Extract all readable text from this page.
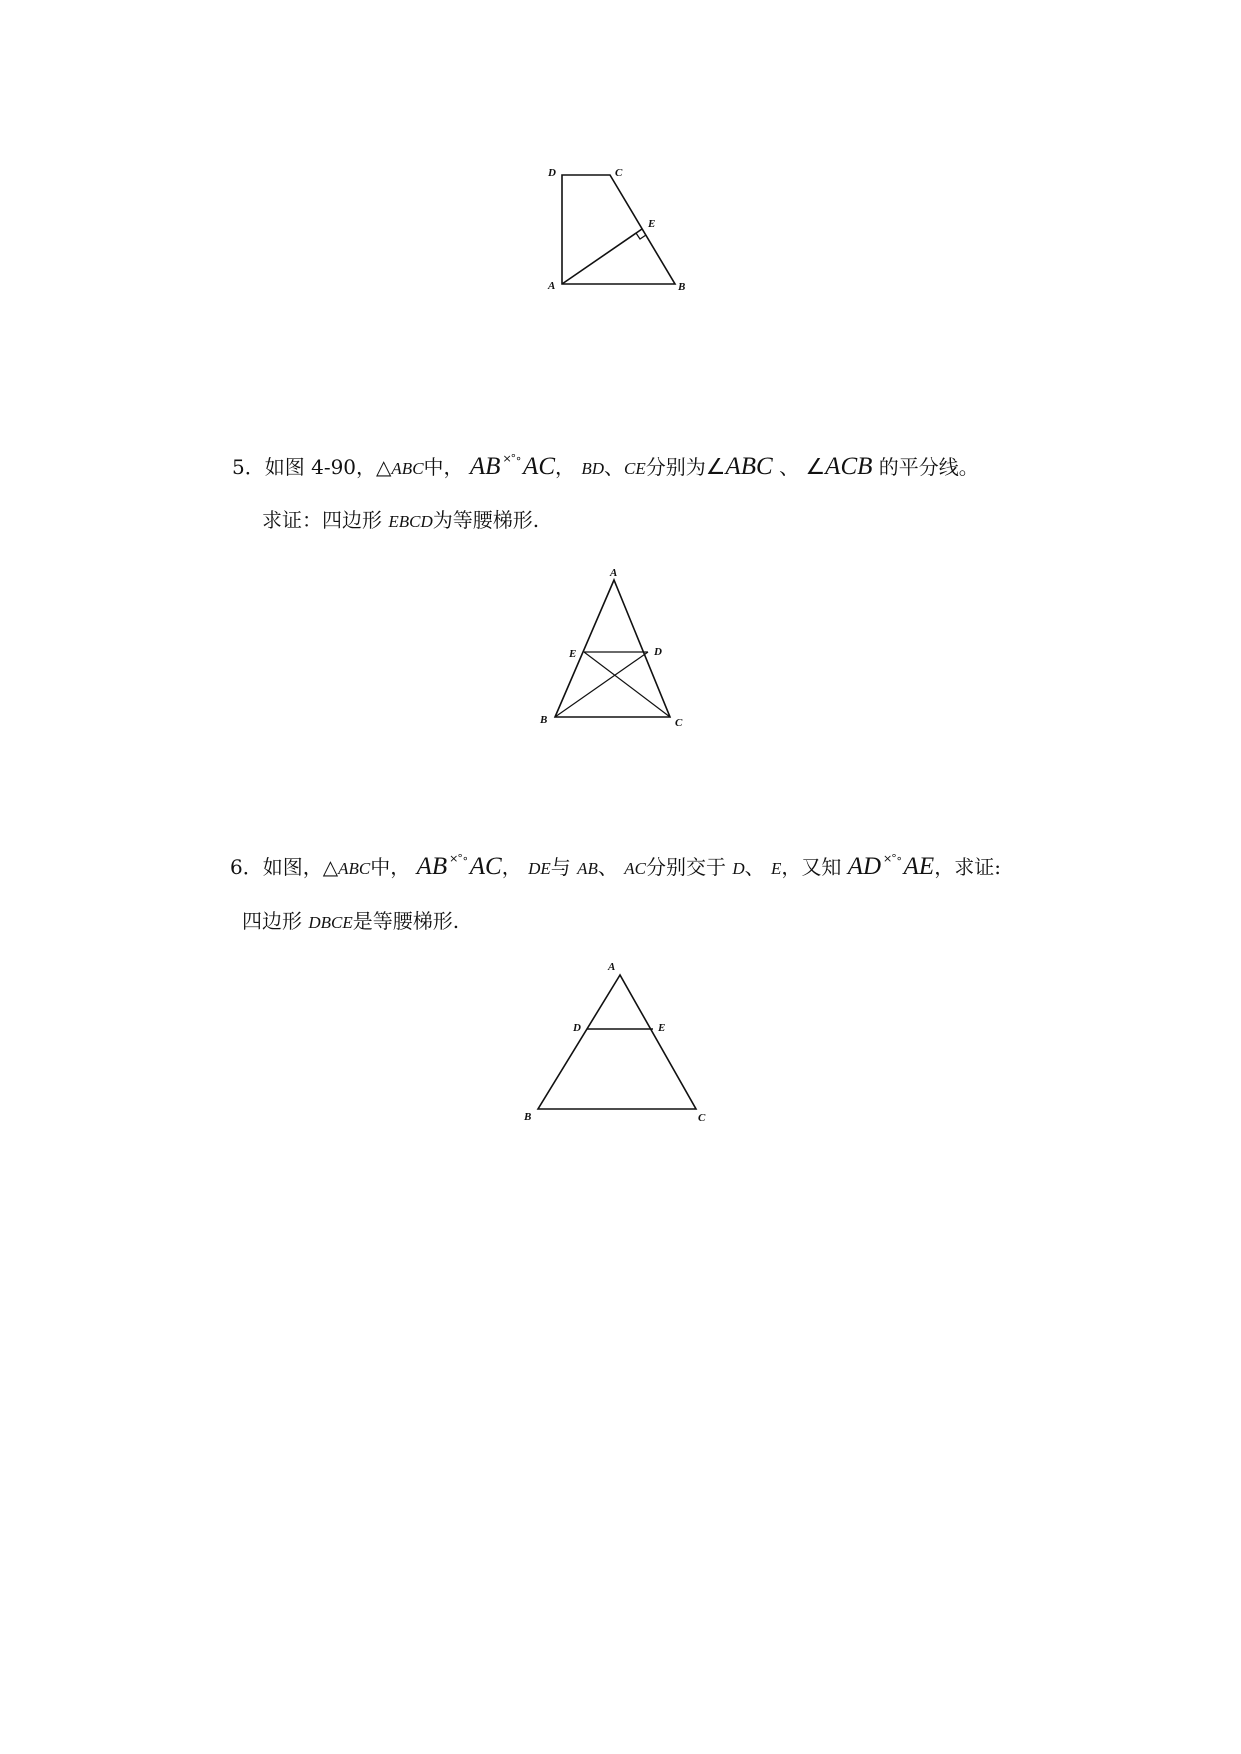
D	C
E
A	B
5．如图 4-90，△ABC中， AB ×°∘AC， BD、CE分别为∠ABC 、 ∠ACB 的平分线。
求证：四边形 EBCD为等腰梯形.
A
E	D
B	C
6．如图，△ABC中， AB ×°∘AC， DE与 AB、 AC分别交于 D、 E，又知 AD ×°∘AE，求证:
四边形 DBCE是等腰梯形.
A
D	E
B	C
